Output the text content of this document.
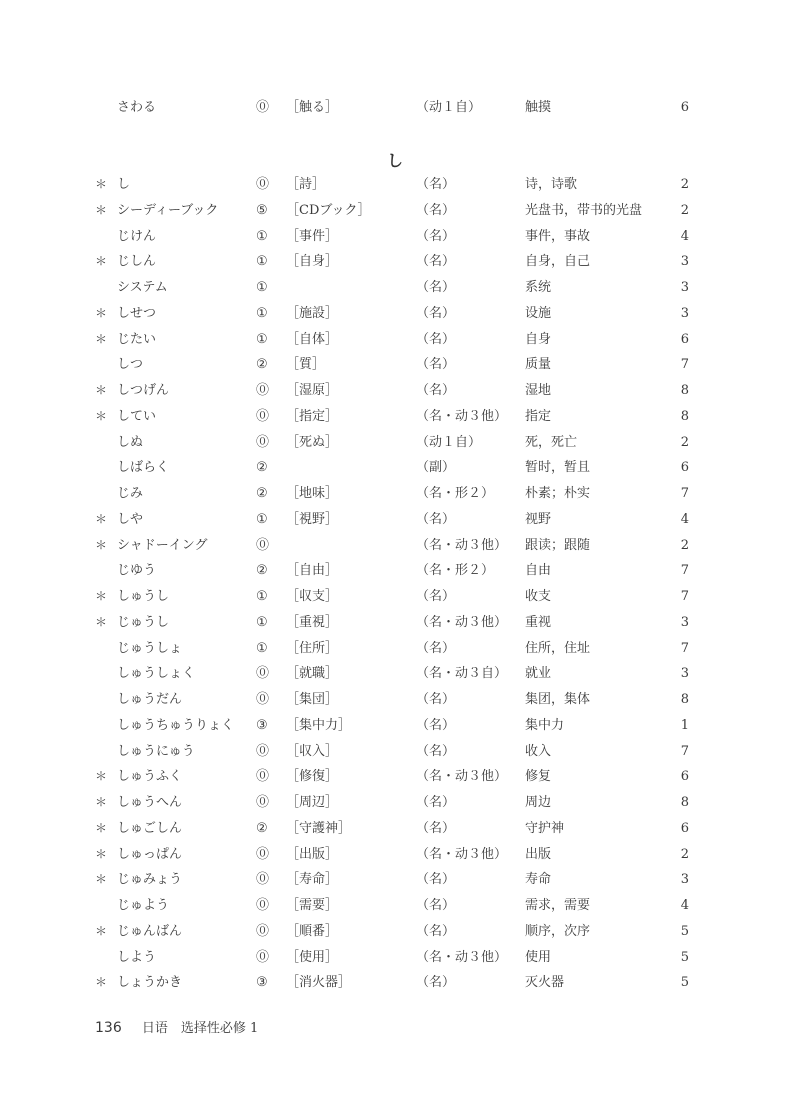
さわる	⓪ ［触る］	（动１自）	触摸	6
し
＊ し	⓪ ［詩］	（名）	诗，诗歌	2
＊ シーディーブック	⑤ ［CDブック］	（名）	光盘书，带书的光盘	2
じけん	① ［事件］	（名）	事件，事故	4
＊ じしん	① ［自身］	（名）	自身，自己	3
システム	①	（名）	系统	3
＊ しせつ	① ［施設］	（名）	设施	3
＊ じたい	① ［自体］	（名）	自身	6
しつ	② ［質］	（名）	质量	7
＊ しつげん	⓪ ［湿原］	（名）	湿地	8
＊ してい	⓪ ［指定］	（名・动３他） 指定	8
しぬ	⓪ ［死ぬ］	（动１自）	死，死亡	2
しばらく	②	（副）	暂时，暂且	6
じみ	② ［地味］	（名・形２） 朴素；朴实	7
＊ しや	① ［視野］	（名）	视野	4
＊ シャドーイング	⓪	（名・动３他） 跟读；跟随	2
じゆう	② ［自由］	（名・形２） 自由	7
＊ しゅうし	① ［収支］	（名）	收支	7
＊ じゅうし	① ［重視］	（名・动３他） 重视	3
じゅうしょ	① ［住所］	（名）	住所，住址	7
しゅうしょく	⓪ ［就職］	（名・动３自） 就业	3
しゅうだん	⓪ ［集団］	（名）	集团，集体	8
しゅうちゅうりょく ③ ［集中力］	（名）	集中力	1
しゅうにゅう	⓪ ［収入］	（名）	收入	7
＊ しゅうふく	⓪ ［修復］	（名・动３他） 修复	6
＊ しゅうへん	⓪ ［周辺］	（名）	周边	8
＊ しゅごしん	② ［守護神］	（名）	守护神	6
＊ しゅっぱん	⓪ ［出版］	（名・动３他） 出版	2
＊ じゅみょう	⓪ ［寿命］	（名）	寿命	3
じゅよう	⓪ ［需要］	（名）	需求，需要	4
＊ じゅんばん	⓪ ［順番］	（名）	顺序，次序	5
しよう	⓪ ［使用］	（名・动３他） 使用	5
＊ しょうかき	③ ［消火器］	（名）	灭火器	5
136 日语　选择性必修 1
